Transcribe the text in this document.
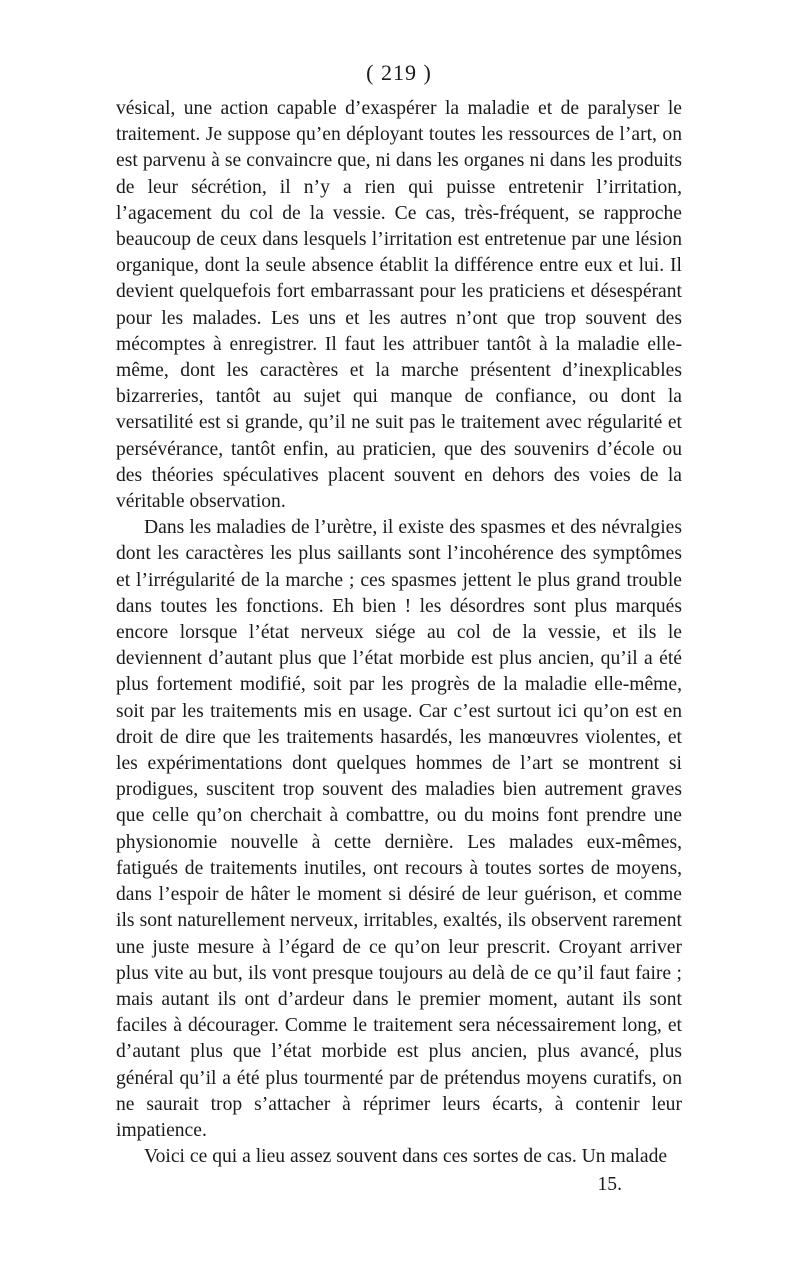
( 219 )

vésical, une action capable d’exaspérer la maladie et de paralyser le traitement. Je suppose qu’en déployant toutes les ressources de l’art, on est parvenu à se convaincre que, ni dans les organes ni dans les produits de leur sécrétion, il n’y a rien qui puisse entretenir l’irritation, l’agacement du col de la vessie. Ce cas, très-fréquent, se rapproche beaucoup de ceux dans lesquels l’irritation est entretenue par une lésion organique, dont la seule absence établit la différence entre eux et lui. Il devient quelquefois fort embarrassant pour les praticiens et désespérant pour les malades. Les uns et les autres n’ont que trop souvent des mécomptes à enregistrer. Il faut les attribuer tantôt à la maladie elle-même, dont les caractères et la marche présentent d’inexplicables bizarreries, tantôt au sujet qui manque de confiance, ou dont la versatilité est si grande, qu’il ne suit pas le traitement avec régularité et persévérance, tantôt enfin, au praticien, que des souvenirs d’école ou des théories spéculatives placent souvent en dehors des voies de la véritable observation.

Dans les maladies de l’urètre, il existe des spasmes et des névralgies dont les caractères les plus saillants sont l’incohérence des symptômes et l’irrégularité de la marche ; ces spasmes jettent le plus grand trouble dans toutes les fonctions. Eh bien ! les désordres sont plus marqués encore lorsque l’état nerveux siége au col de la vessie, et ils le deviennent d’autant plus que l’état morbide est plus ancien, qu’il a été plus fortement modifié, soit par les progrès de la maladie elle-même, soit par les traitements mis en usage. Car c’est surtout ici qu’on est en droit de dire que les traitements hasardés, les manœuvres violentes, et les expérimentations dont quelques hommes de l’art se montrent si prodigues, suscitent trop souvent des maladies bien autrement graves que celle qu’on cherchait à combattre, ou du moins font prendre une physionomie nouvelle à cette dernière. Les malades eux-mêmes, fatigués de traitements inutiles, ont recours à toutes sortes de moyens, dans l’espoir de hâter le moment si désiré de leur guérison, et comme ils sont naturellement nerveux, irritables, exaltés, ils observent rarement une juste mesure à l’égard de ce qu’on leur prescrit. Croyant arriver plus vite au but, ils vont presque toujours au delà de ce qu’il faut faire ; mais autant ils ont d’ardeur dans le premier moment, autant ils sont faciles à décourager. Comme le traitement sera nécessairement long, et d’autant plus que l’état morbide est plus ancien, plus avancé, plus général qu’il a été plus tourmenté par de prétendus moyens curatifs, on ne saurait trop s’attacher à réprimer leurs écarts, à contenir leur impatience.

Voici ce qui a lieu assez souvent dans ces sortes de cas. Un malade

15.
